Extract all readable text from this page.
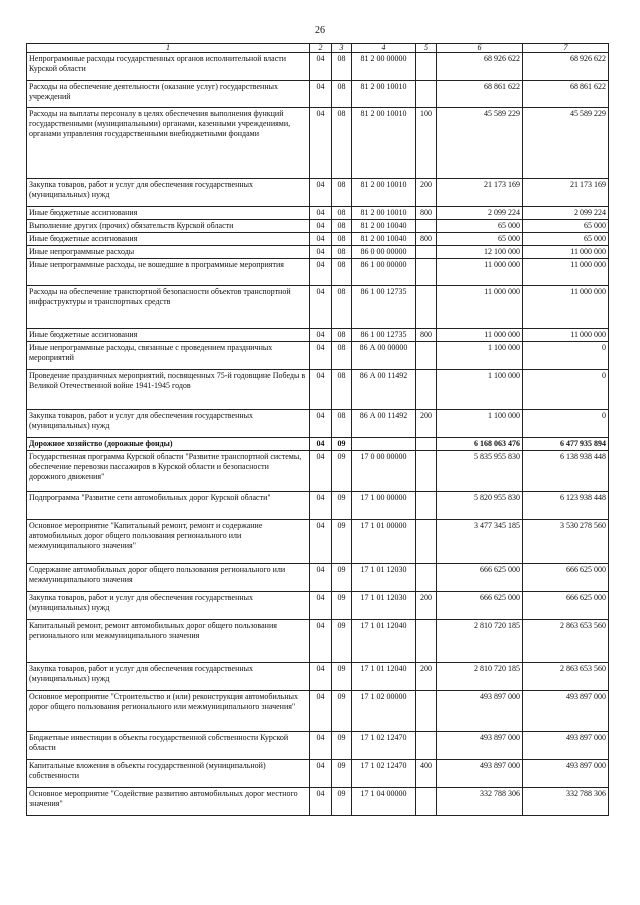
26
1	2	3	4	5	6	7
Непрограммные расходы государственных органов исполнительной власти Курской области	04	08	81 2 00 00000		68 926 622	68 926 622
Расходы на обеспечение деятельности (оказание услуг) государственных учреждений	04	08	81 2 00 10010		68 861 622	68 861 622
Расходы на выплаты персоналу в целях обеспечения выполнения функций государственными (муниципальными) органами, казенными учреждениями, органами управления государственными внебюджетными фондами	04	08	81 2 00 10010	100	45 589 229	45 589 229
Закупка товаров, работ и услуг для обеспечения государственных (муниципальных) нужд	04	08	81 2 00 10010	200	21 173 169	21 173 169
Иные бюджетные ассигнования	04	08	81 2 00 10010	800	2 099 224	2 099 224
Выполнение других (прочих) обязательств Курской области	04	08	81 2 00 10040		65 000	65 000
Иные бюджетные ассигнования	04	08	81 2 00 10040	800	65 000	65 000
Иные непрограммные расходы	04	08	86 0 00 00000		12 100 000	11 000 000
Иные непрограммные расходы, не вошедшие в программные мероприятия	04	08	86 1 00 00000		11 000 000	11 000 000
Расходы на обеспечение транспортной безопасности объектов транспортной инфраструктуры и транспортных средств	04	08	86 1 00 12735		11 000 000	11 000 000
Иные бюджетные ассигнования	04	08	86 1 00 12735	800	11 000 000	11 000 000
Иные непрограммные расходы, связанные с проведением праздничных мероприятий	04	08	86 А 00 00000		1 100 000	0
Проведение праздничных мероприятий, посвященных 75-й годовщине Победы в Великой Отечественной войне 1941-1945 годов	04	08	86 А 00 11492		1 100 000	0
Закупка товаров, работ и услуг для обеспечения государственных (муниципальных) нужд	04	08	86 А 00 11492	200	1 100 000	0
Дорожное хозяйство (дорожные фонды)	04	09			6 168 063 476	6 477 935 894
Государственная программа Курской области "Развитие транспортной системы, обеспечение перевозки пассажиров в Курской области и безопасности дорожного движения"	04	09	17 0 00 00000		5 835 955 830	6 138 938 448
Подпрограмма "Развитие сети автомобильных дорог Курской области"	04	09	17 1 00 00000		5 820 955 830	6 123 938 448
Основное мероприятие "Капитальный ремонт, ремонт и содержание автомобильных дорог общего пользования регионального или межмуниципального значения"	04	09	17 1 01 00000		3 477 345 185	3 530 278 560
Содержание автомобильных дорог общего пользования регионального или межмуниципального значения	04	09	17 1 01 12030		666 625 000	666 625 000
Закупка товаров, работ и услуг для обеспечения государственных (муниципальных) нужд	04	09	17 1 01 12030	200	666 625 000	666 625 000
Капитальный ремонт, ремонт автомобильных дорог общего пользования регионального или межмуниципального значения	04	09	17 1 01 12040		2 810 720 185	2 863 653 560
Закупка товаров, работ и услуг для обеспечения государственных (муниципальных) нужд	04	09	17 1 01 12040	200	2 810 720 185	2 863 653 560
Основное мероприятие "Строительство и (или) реконструкция автомобильных дорог общего пользования регионального или межмуниципального значения"	04	09	17 1 02 00000		493 897 000	493 897 000
Бюджетные инвестиции в объекты государственной собственности Курской области	04	09	17 1 02 12470		493 897 000	493 897 000
Капитальные вложения в объекты государственной (муниципальной) собственности	04	09	17 1 02 12470	400	493 897 000	493 897 000
Основное мероприятие "Содействие развитию автомобильных дорог местного значения"	04	09	17 1 04 00000		332 788 306	332 788 306
